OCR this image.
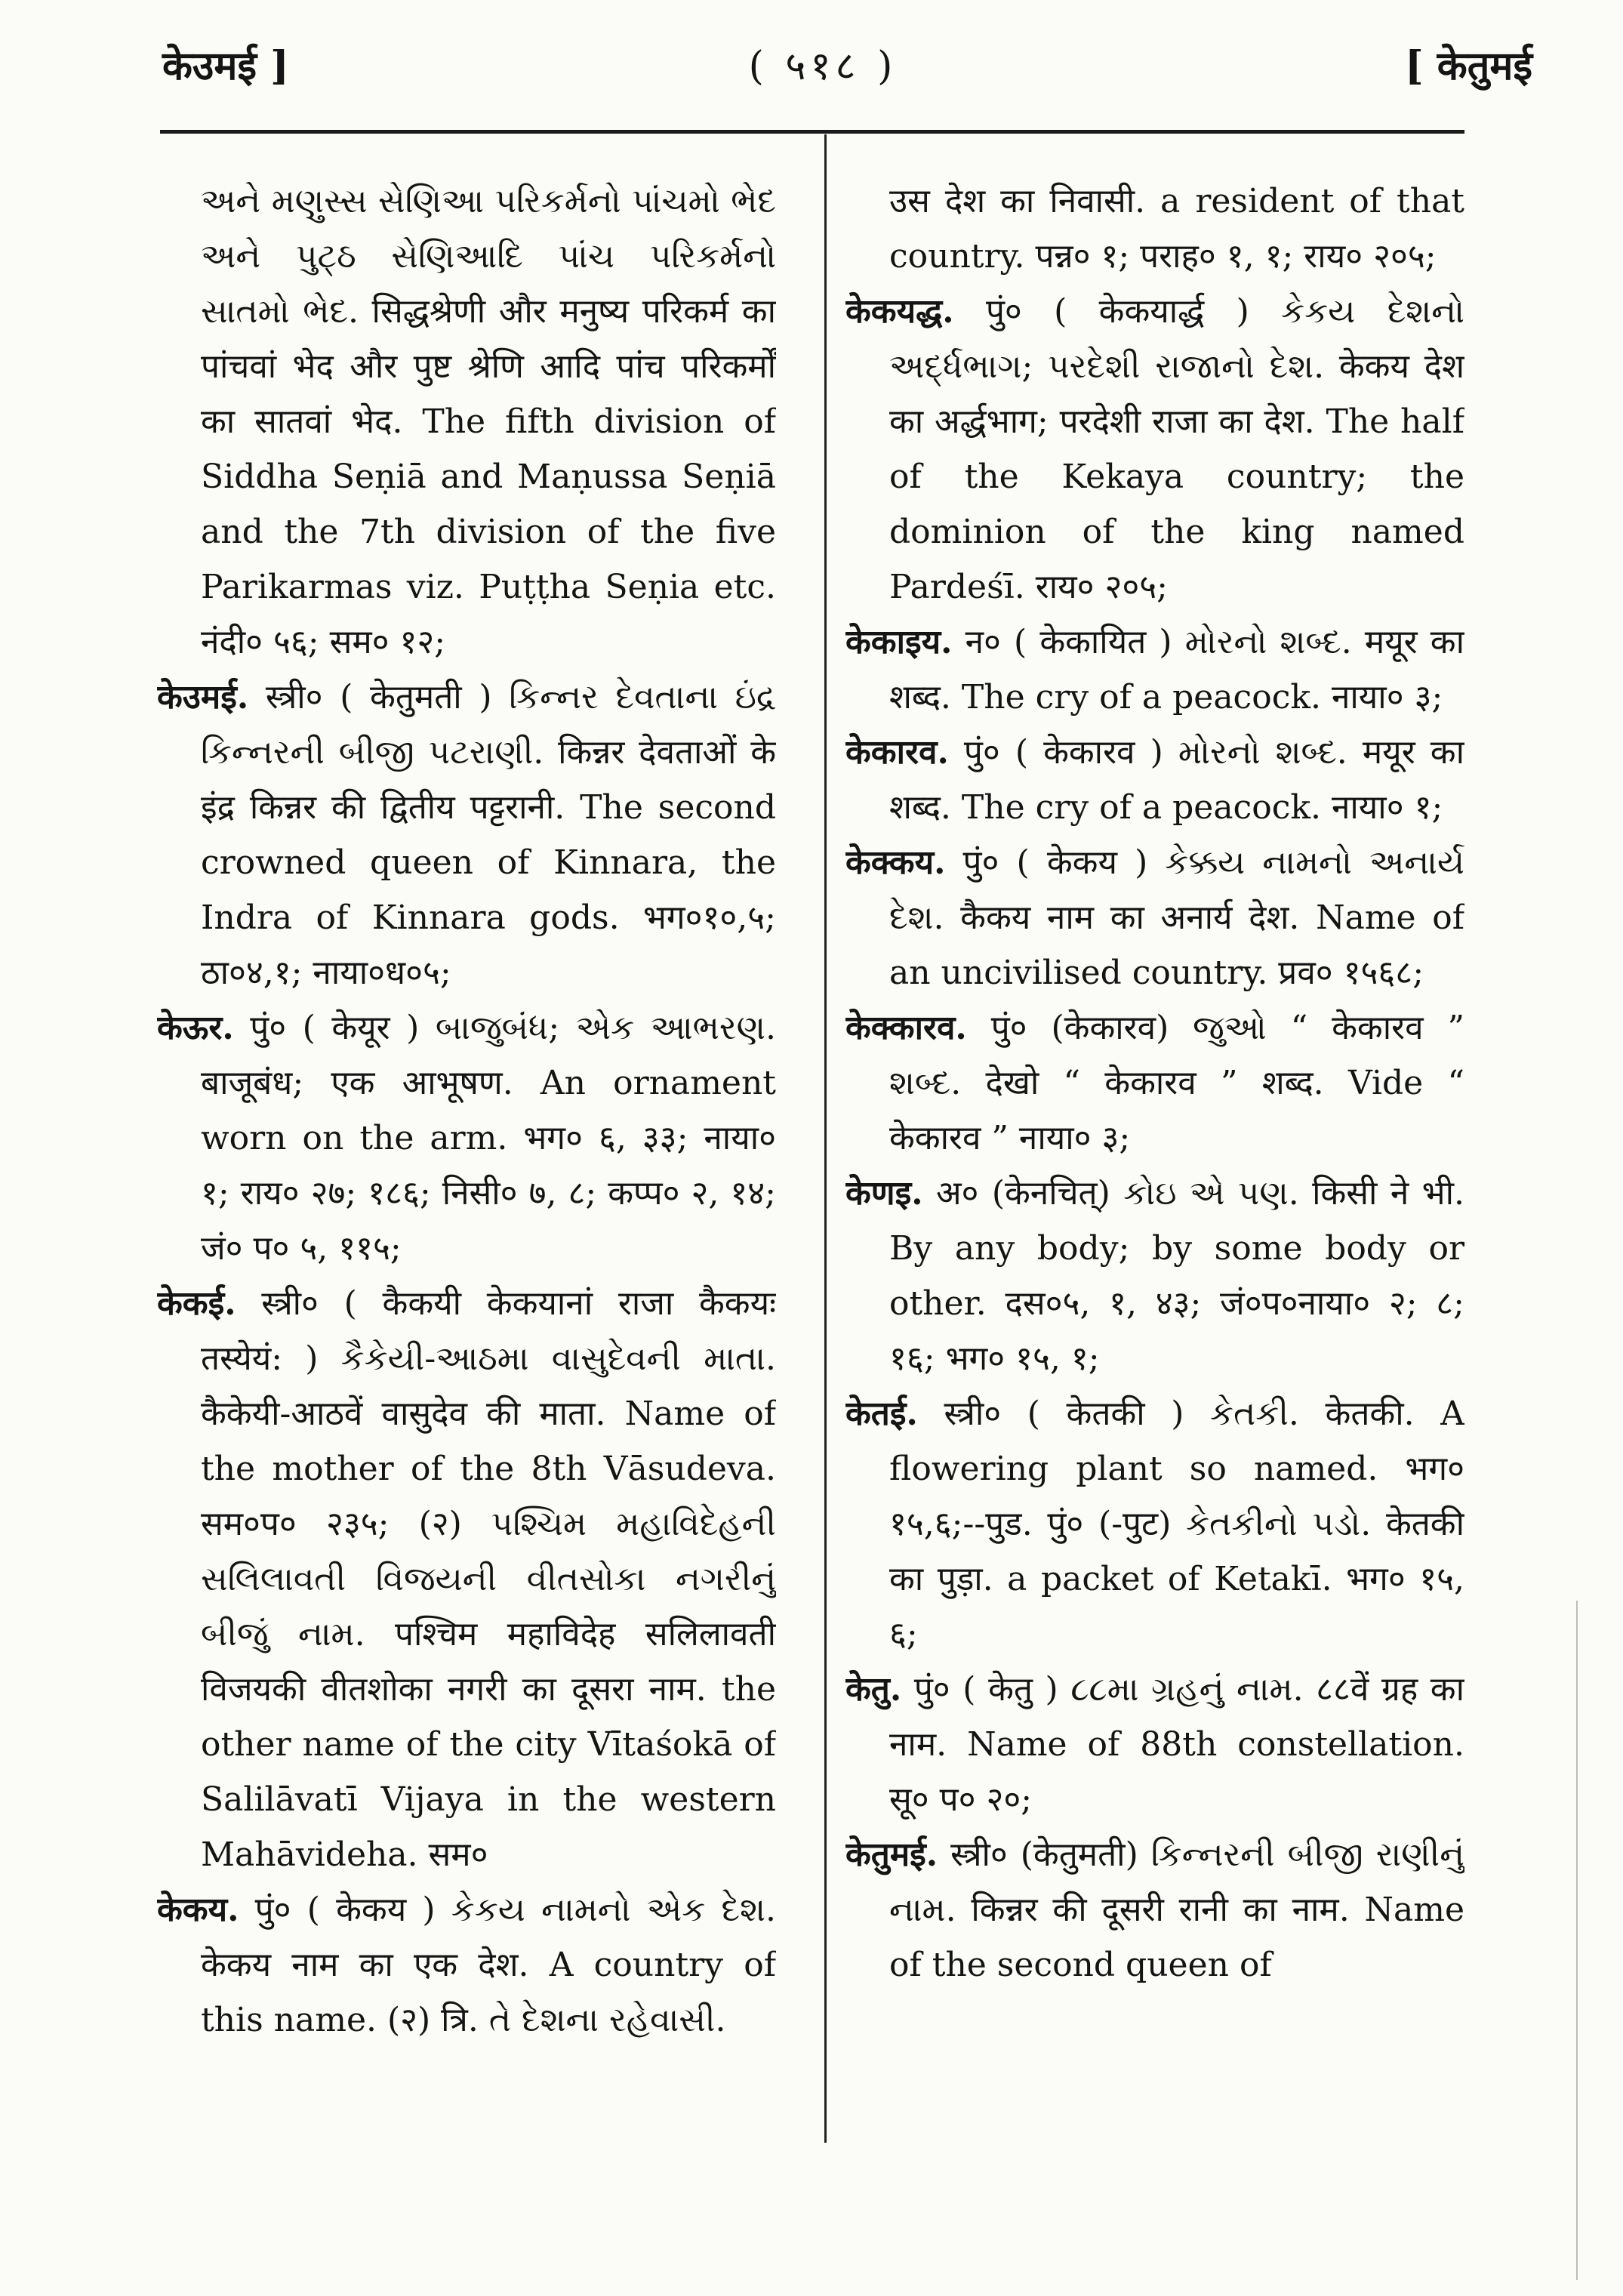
केउमई ]	( ५१८ )	[ केतुमई

અને મણુસ્સ સેણિઆ પરિકર્મનો પાંચમો ભેદ અને પુટ્ઠ સેણિઆદિ પાંચ પરિકર્મનો સાતમો ભેદ. सिद्धश्रेणी और मनुष्य परिकर्म का पांचवां भेद और पुष्ट श्रेणि आदि पांच परिकर्मों का सातवां भेद. The fifth division of Siddha Seṇiā and Maṇussa Seṇiā and the 7th division of the five Parikarmas viz. Puṭṭha Seṇia etc. नंदी० ५६; सम० १२;

केउमई. स्त्री० ( केतुमती ) કિન્નર દેવતાના ઇંદ્ર કિન્નરની બીજી પટરાણી. किन्नर देवताओं के इंद्र किन्नर की द्वितीय पट्टरानी. The second crowned queen of Kinnara, the Indra of Kinnara gods. भग०१०,५; ठा०४,१; नाया०ध०५;

केऊर. पुं० ( केयूर ) બાજુબંધ; એક આભરણ. बाजूबंध; एक आभूषण. An ornament worn on the arm. भग० ६, ३३; नाया० १; राय० २७; १८६; निसी० ७, ८; कप्प० २, १४; जं० प० ५, ११५;

केकई. स्त्री० ( कैकयी केकयानां राजा कैकयः तस्येयं: ) કૈકેયી-આઠમા વાસુદેવની માતા. कैकेयी-आठवें वासुदेव की माता. Name of the mother of the 8th Vāsudeva. सम०प० २३५; (२) પશ્ચિમ મહાવિદેહની સલિલાવતી વિજયની વીતસોકા નગરીનું બીજું નામ. पश्चिम महाविदेह सलिलावती विजयकी वीतशोका नगरी का दूसरा नाम. the other name of the city Vītaśokā of Salilāvatī Vijaya in the western Mahāvideha. सम०

केकय. पुं० ( केकय ) કેકય નામનો એક દેશ. केकय नाम का एक देश. A country of this name. (२) त्रि. તે દેશના રહેવાસી.

उस देश का निवासी. a resident of that country. पन्न० १; पराह० १, १; राय० २०५;

केकयद्ध. पुं० ( केकयार्द्ध ) કેકય દેશનો અર્દ્ધભાગ; પરદેશી રાજાનો દેશ. केकय देश का अर्द्धभाग; परदेशी राजा का देश. The half of the Kekaya country; the dominion of the king named Pardeśī. राय० २०५;

केकाइय. न० ( केकायित ) મોરનો શબ્દ. मयूर का शब्द. The cry of a peacock. नाया० ३;

केकारव. पुं० ( केकारव ) મોરનો શબ્દ. मयूर का शब्द. The cry of a peacock. नाया० १;

केक्कय. पुं० ( केकय ) કેક્કય નામનો અનાર્ય દેશ. कैकय नाम का अनार्य देश. Name of an uncivilised country. प्रव० १५६८;

केक्कारव. पुं० (केकारव) જુઓ “ केकारव ” શબ્દ. देखो “ केकारव ” शब्द. Vide “ केकारव ” नाया० ३;

केणइ. अ० (केनचित्) કોઇ એ પણ. किसी ने भी. By any body; by some body or other. दस०५, १, ४३; जं०प०नाया० २; ८; १६; भग० १५, १;

केतई. स्त्री० ( केतकी ) કેતકી. केतकी. A flowering plant so named. भग० १५,६;--पुड. पुं० (-पुट) કેતકીનો પડો. केतकी का पुड़ा. a packet of Ketakī. भग० १५, ६;

केतु. पुं० ( केतु ) ૮૮મા ગ્રહનું નામ. ८८वें ग्रह का नाम. Name of 88th constellation. सू० प० २०;

केतुमई. स्त्री० (केतुमती) કિન્નરની બીજી રાણીનું નામ. किन्नर की दूसरी रानी का नाम. Name of the second queen of
